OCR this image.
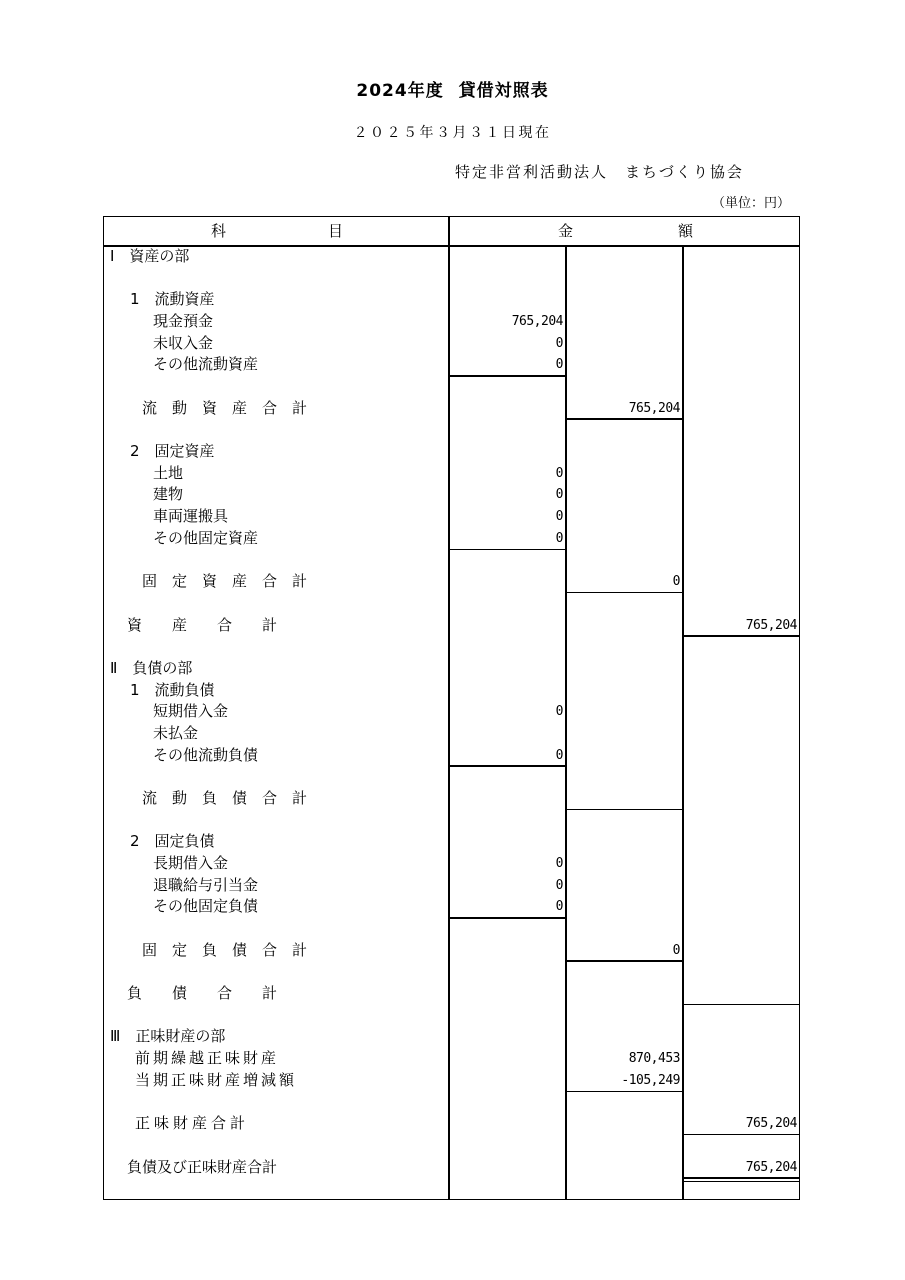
2024年度 貸借対照表
２０２５年３月３１日現在
特定非営利活動法人　まちづくり協会
（単位：円）
科目	金額
Ⅰ　資産の部
1　流動資産
現金預金	765,204
未収入金	0
その他流動資産	0
流動資産合計	765,204
2　固定資産
土地	0
建物	0
車両運搬具	0
その他固定資産	0
固定資産合計	0
資産合計	765,204
Ⅱ　負債の部
1　流動負債
短期借入金	0
未払金
その他流動負債	0
流動負債合計
2　固定負債
長期借入金	0
退職給与引当金	0
その他固定負債	0
固定負債合計	0
負債合計
Ⅲ　正味財産の部
前期繰越正味財産	870,453
当期正味財産増減額	-105,249
正味財産合計	765,204
負債及び正味財産合計	765,204
